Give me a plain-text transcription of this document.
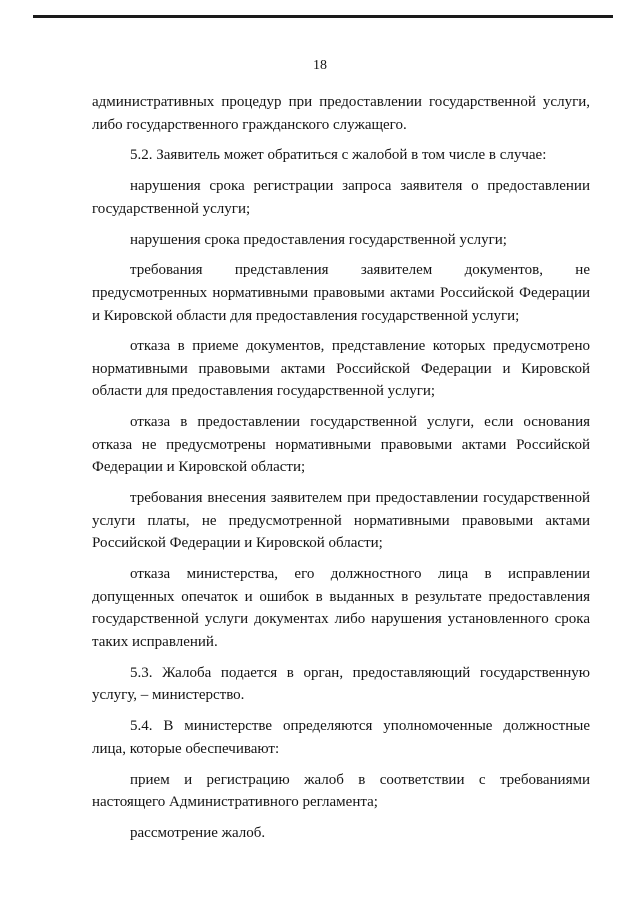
18

административных процедур при предоставлении государственной услуги, либо государственного гражданского служащего.

5.2. Заявитель может обратиться с жалобой в том числе в случае:

нарушения срока регистрации запроса заявителя о предоставлении государственной услуги;

нарушения срока предоставления государственной услуги;

требования представления заявителем документов, не предусмотренных нормативными правовыми актами Российской Федерации и Кировской области для предоставления государственной услуги;

отказа в приеме документов, представление которых предусмотрено нормативными правовыми актами Российской Федерации и Кировской области для предоставления государственной услуги;

отказа в предоставлении государственной услуги, если основания отказа не предусмотрены нормативными правовыми актами Российской Федерации и Кировской области;

требования внесения заявителем при предоставлении государственной услуги платы, не предусмотренной нормативными правовыми актами Российской Федерации и Кировской области;

отказа министерства, его должностного лица в исправлении допущенных опечаток и ошибок в выданных в результате предоставления государственной услуги документах либо нарушения установленного срока таких исправлений.

5.3. Жалоба подается в орган, предоставляющий государственную услугу, – министерство.

5.4. В министерстве определяются уполномоченные должностные лица, которые обеспечивают:

прием и регистрацию жалоб в соответствии с требованиями настоящего Административного регламента;

рассмотрение жалоб.
